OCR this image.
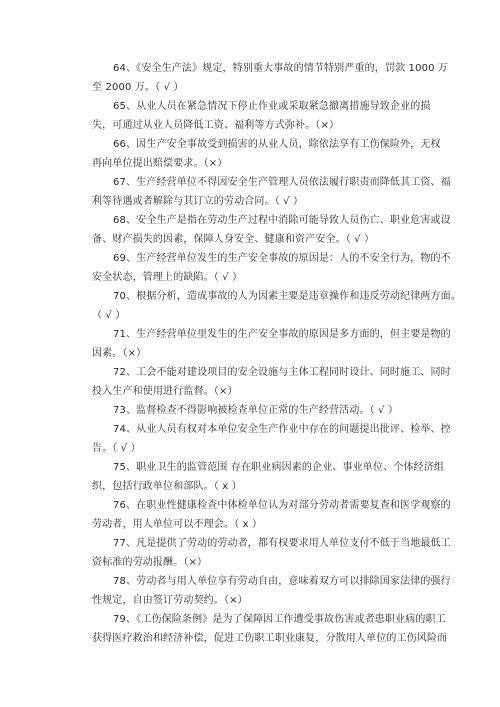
64、《安全生产法》规定，特别重大事故的情节特别严重的，罚款 1000 万
至 2000 万。（ √ ）
65、从业人员在紧急情况下停止作业或采取紧急撤离措施导致企业的损
失，可通过从业人员降低工资、福利等方式弥补。（×）
66、因生产安全事故受到损害的从业人员，除依法享有工伤保险外，无权
再向单位提出赔偿要求。（×）
67、生产经营单位不得因安全生产管理人员依法履行职责而降低其工资、福
利等待遇或者解除与其订立的劳动合同。（ √ ）
68、安全生产是指在劳动生产过程中消除可能导致人员伤亡、职业危害或设
备、财产损失的因素，保障人身安全、健康和资产安全。（ √ ）
69、生产经营单位发生的生产安全事故的原因是：人的不安全行为，物的不
安全状态，管理上的缺陷。（ √ ）
70、根据分析，造成事故的人为因素主要是违章操作和违反劳动纪律两方面。
（ √ ）
71、生产经营单位里发生的生产安全事故的原因是多方面的，但主要是物的
因素。（×）
72、工会不能对建设项目的安全设施与主体工程同时设计、同时施工、同时
投入生产和使用进行监督。（×）
73、监督检查不得影响被检查单位正常的生产经营活动。（ √ ）
74、从业人员有权对本单位安全生产作业中存在的问题提出批评、检举、控
告。（ √ ）
75、职业卫生的监管范围 存在职业病因素的企业、事业单位、个体经济组
织，包括行政单位和部队。（ x ）
76、在职业性健康检查中体检单位认为对部分劳动者需要复查和医学观察的
劳动者，用人单位可以不理会。（ x ）
77、凡是提供了劳动的劳动者，都有权要求用人单位支付不低于当地最低工
资标准的劳动报酬。（×）
78、劳动者与用人单位享有劳动自由，意味着双方可以排除国家法律的强行
性规定，自由签订劳动契约。（×）
79、《工伤保险条例》是为了保障因工作遭受事故伤害或者患职业病的职工
获得医疗救治和经济补偿，促进工伤职工职业康复，分散用人单位的工伤风险而
